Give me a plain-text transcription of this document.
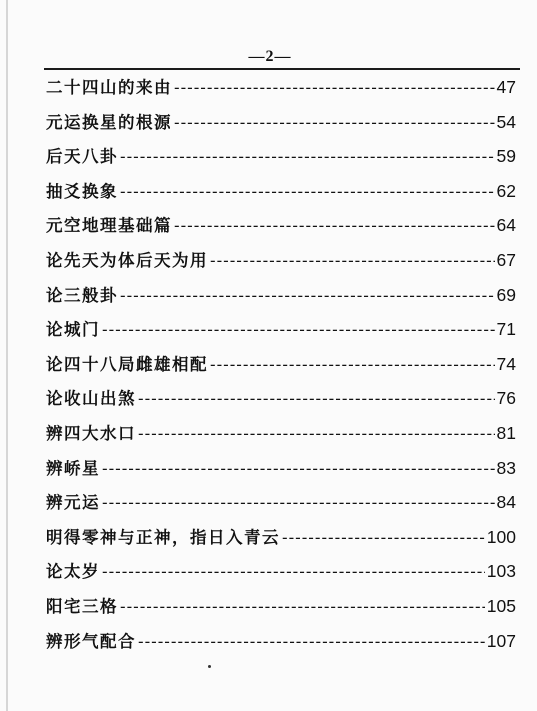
—2—
二十四山的来由 -----	47
元运换星的根源 -----	54
后天八卦 -----	59
抽爻换象 -----	62
元空地理基础篇 -----	64
论先天为体后天为用 -----	67
论三般卦 -----	69
论城门 -----	71
论四十八局雌雄相配 -----	74
论收山出煞 -----	76
辨四大水口 -----	81
辨峤星 -----	83
辨元运 -----	84
明得零神与正神，指日入青云 -----	100
论太岁 -----	103
阳宅三格 -----	105
辨形气配合 -----	107
